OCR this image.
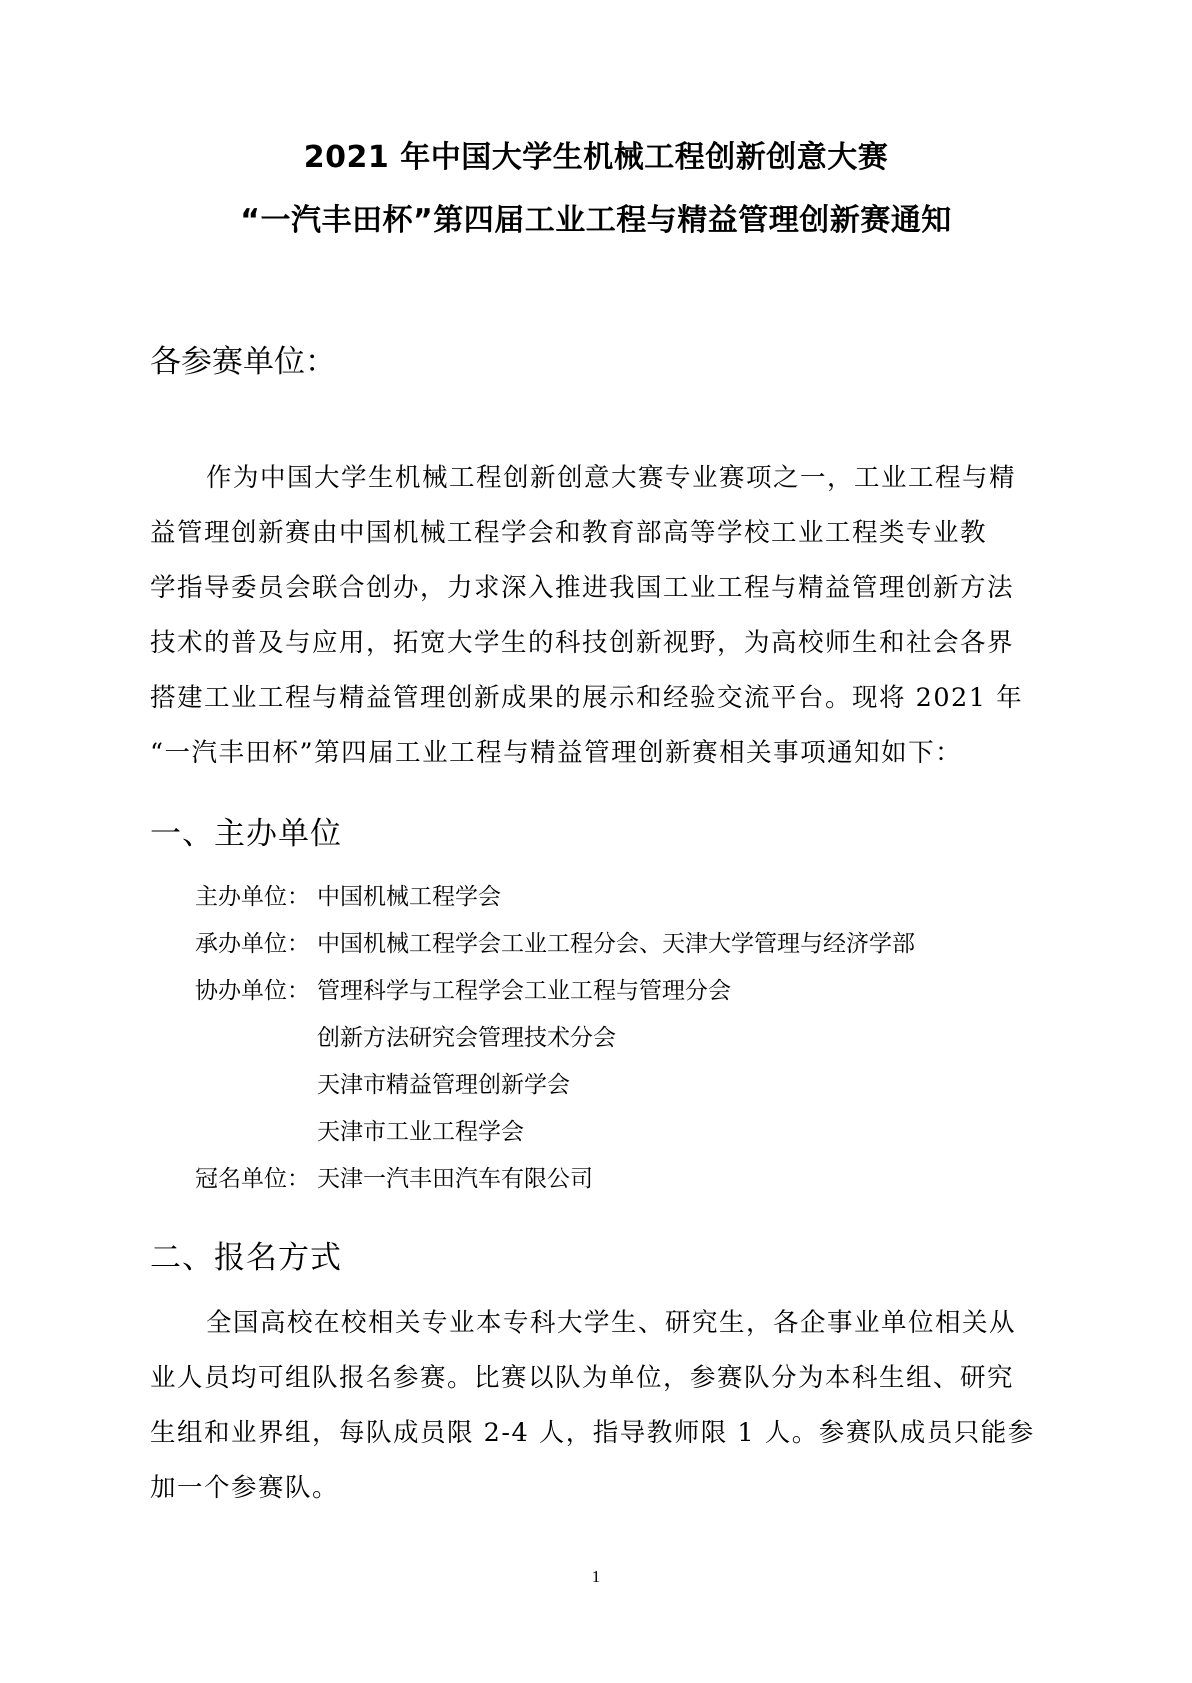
2021 年中国大学生机械工程创新创意大赛
“一汽丰田杯”第四届工业工程与精益管理创新赛通知
各参赛单位：
作为中国大学生机械工程创新创意大赛专业赛项之一，工业工程与精
益管理创新赛由中国机械工程学会和教育部高等学校工业工程类专业教
学指导委员会联合创办，力求深入推进我国工业工程与精益管理创新方法
技术的普及与应用，拓宽大学生的科技创新视野，为高校师生和社会各界
搭建工业工程与精益管理创新成果的展示和经验交流平台。现将 2021 年
“一汽丰田杯”第四届工业工程与精益管理创新赛相关事项通知如下：
一、主办单位
主办单位： 中国机械工程学会
承办单位： 中国机械工程学会工业工程分会、天津大学管理与经济学部
协办单位： 管理科学与工程学会工业工程与管理分会
创新方法研究会管理技术分会
天津市精益管理创新学会
天津市工业工程学会
冠名单位： 天津一汽丰田汽车有限公司
二、报名方式
全国高校在校相关专业本专科大学生、研究生，各企事业单位相关从
业人员均可组队报名参赛。比赛以队为单位，参赛队分为本科生组、研究
生组和业界组，每队成员限 2-4 人，指导教师限 1 人。参赛队成员只能参
加一个参赛队。
1
